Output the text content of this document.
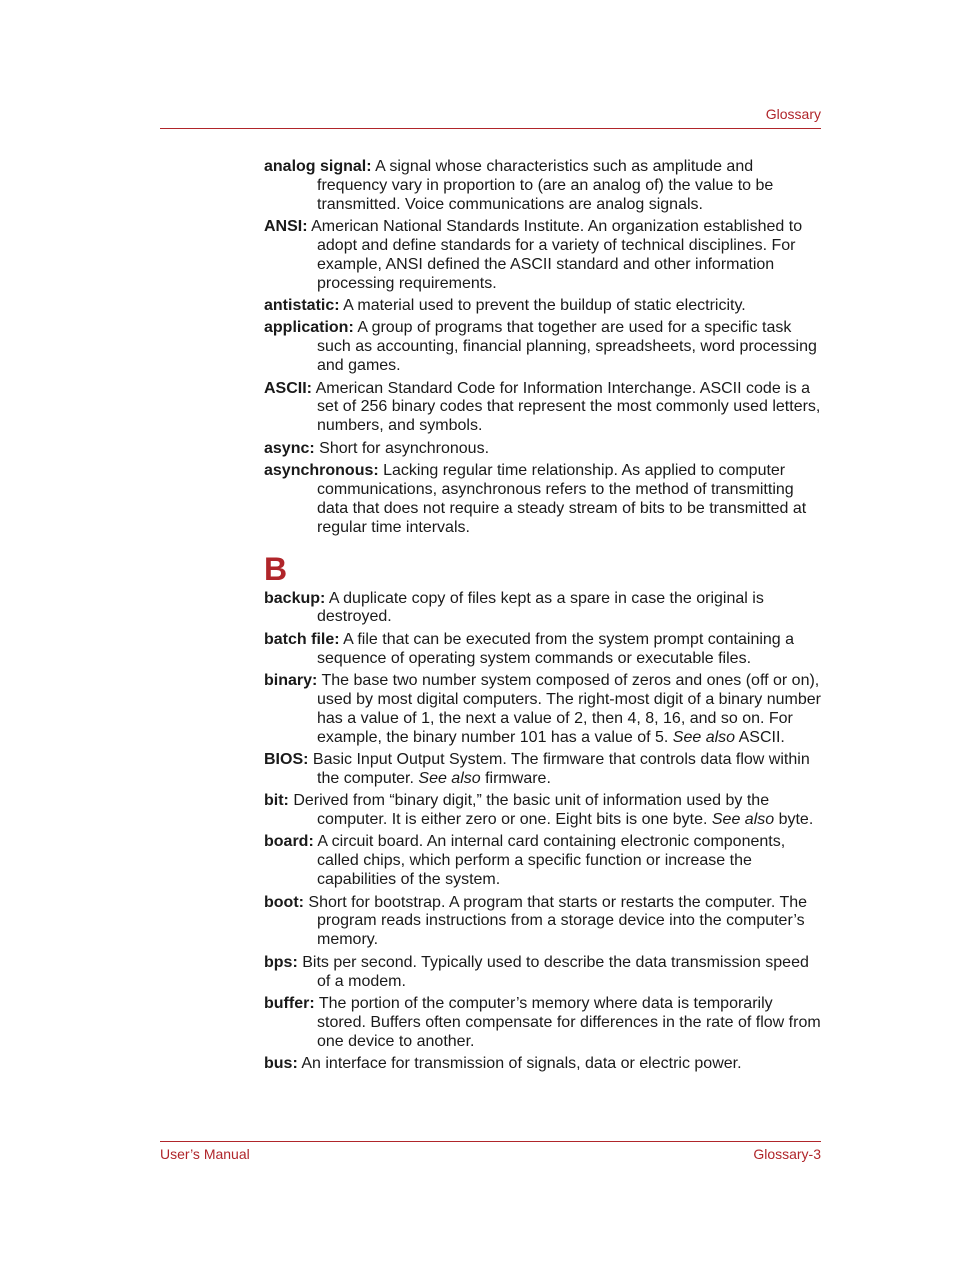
Glossary

analog signal: A signal whose characteristics such as amplitude and frequency vary in proportion to (are an analog of) the value to be transmitted. Voice communications are analog signals.

ANSI: American National Standards Institute. An organization established to adopt and define standards for a variety of technical disciplines. For example, ANSI defined the ASCII standard and other information processing requirements.

antistatic: A material used to prevent the buildup of static electricity.

application: A group of programs that together are used for a specific task such as accounting, financial planning, spreadsheets, word processing and games.

ASCII: American Standard Code for Information Interchange. ASCII code is a set of 256 binary codes that represent the most commonly used letters, numbers, and symbols.

async: Short for asynchronous.

asynchronous: Lacking regular time relationship. As applied to computer communications, asynchronous refers to the method of transmitting data that does not require a steady stream of bits to be transmitted at regular time intervals.

B

backup: A duplicate copy of files kept as a spare in case the original is destroyed.

batch file: A file that can be executed from the system prompt containing a sequence of operating system commands or executable files.

binary: The base two number system composed of zeros and ones (off or on), used by most digital computers. The right-most digit of a binary number has a value of 1, the next a value of 2, then 4, 8, 16, and so on. For example, the binary number 101 has a value of 5. See also ASCII.

BIOS: Basic Input Output System. The firmware that controls data flow within the computer. See also firmware.

bit: Derived from “binary digit,” the basic unit of information used by the computer. It is either zero or one. Eight bits is one byte. See also byte.

board: A circuit board. An internal card containing electronic components, called chips, which perform a specific function or increase the capabilities of the system.

boot: Short for bootstrap. A program that starts or restarts the computer. The program reads instructions from a storage device into the computer’s memory.

bps: Bits per second. Typically used to describe the data transmission speed of a modem.

buffer: The portion of the computer’s memory where data is temporarily stored. Buffers often compensate for differences in the rate of flow from one device to another.

bus: An interface for transmission of signals, data or electric power.

User’s Manual	Glossary-3
